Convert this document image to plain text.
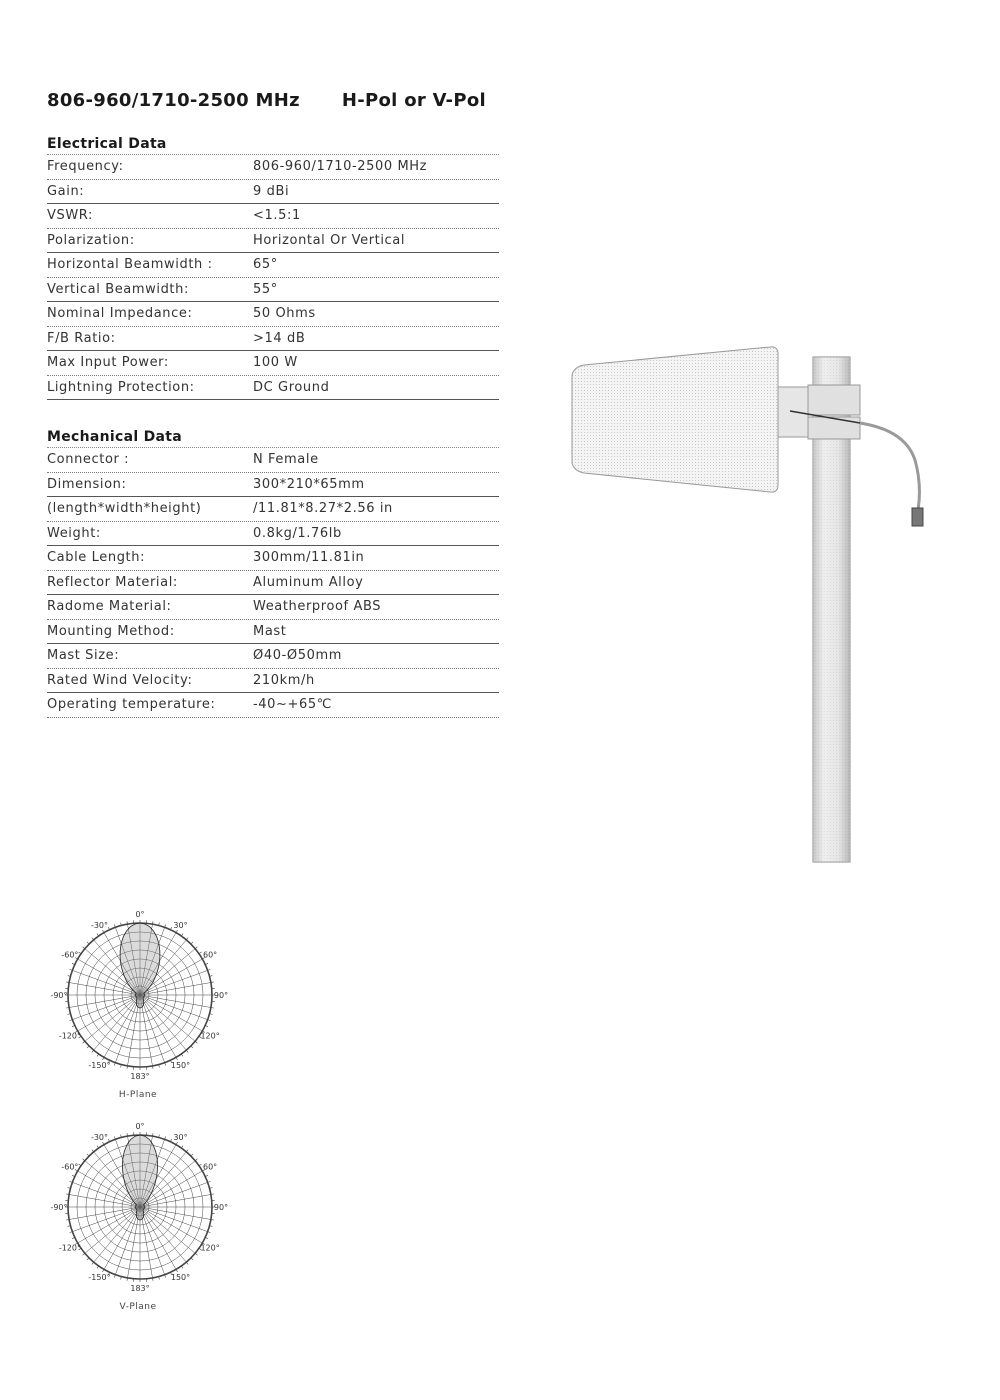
806-960/1710-2500 MHz H-Pol or V-Pol
Electrical Data
Frequency:	806-960/1710-2500 MHz
Gain:	9 dBi
VSWR:	<1.5:1
Polarization:	Horizontal Or Vertical
Horizontal Beamwidth :	65°
Vertical Beamwidth:	55°
Nominal Impedance:	50 Ohms
F/B Ratio:	>14 dB
Max Input Power:	100 W
Lightning Protection:	DC Ground
Mechanical Data
Connector :	N Female
Dimension:	300*210*65mm
(length*width*height)	/11.81*8.27*2.56 in
Weight:	0.8kg/1.76lb
Cable Length:	300mm/11.81in
Reflector Material:	Aluminum Alloy
Radome Material:	Weatherproof ABS
Mounting Method:	Mast
Mast Size:	Ø40-Ø50mm
Rated Wind Velocity:	210km/h
Operating temperature:	-40~+65℃
0°
30°
60°
90°
120°
150°
183°
-150°
-120°
-90°
-60°
-30°
H-Plane
0°
30°
60°
90°
120°
150°
183°
-150°
-120°
-90°
-60°
-30°
V-Plane
